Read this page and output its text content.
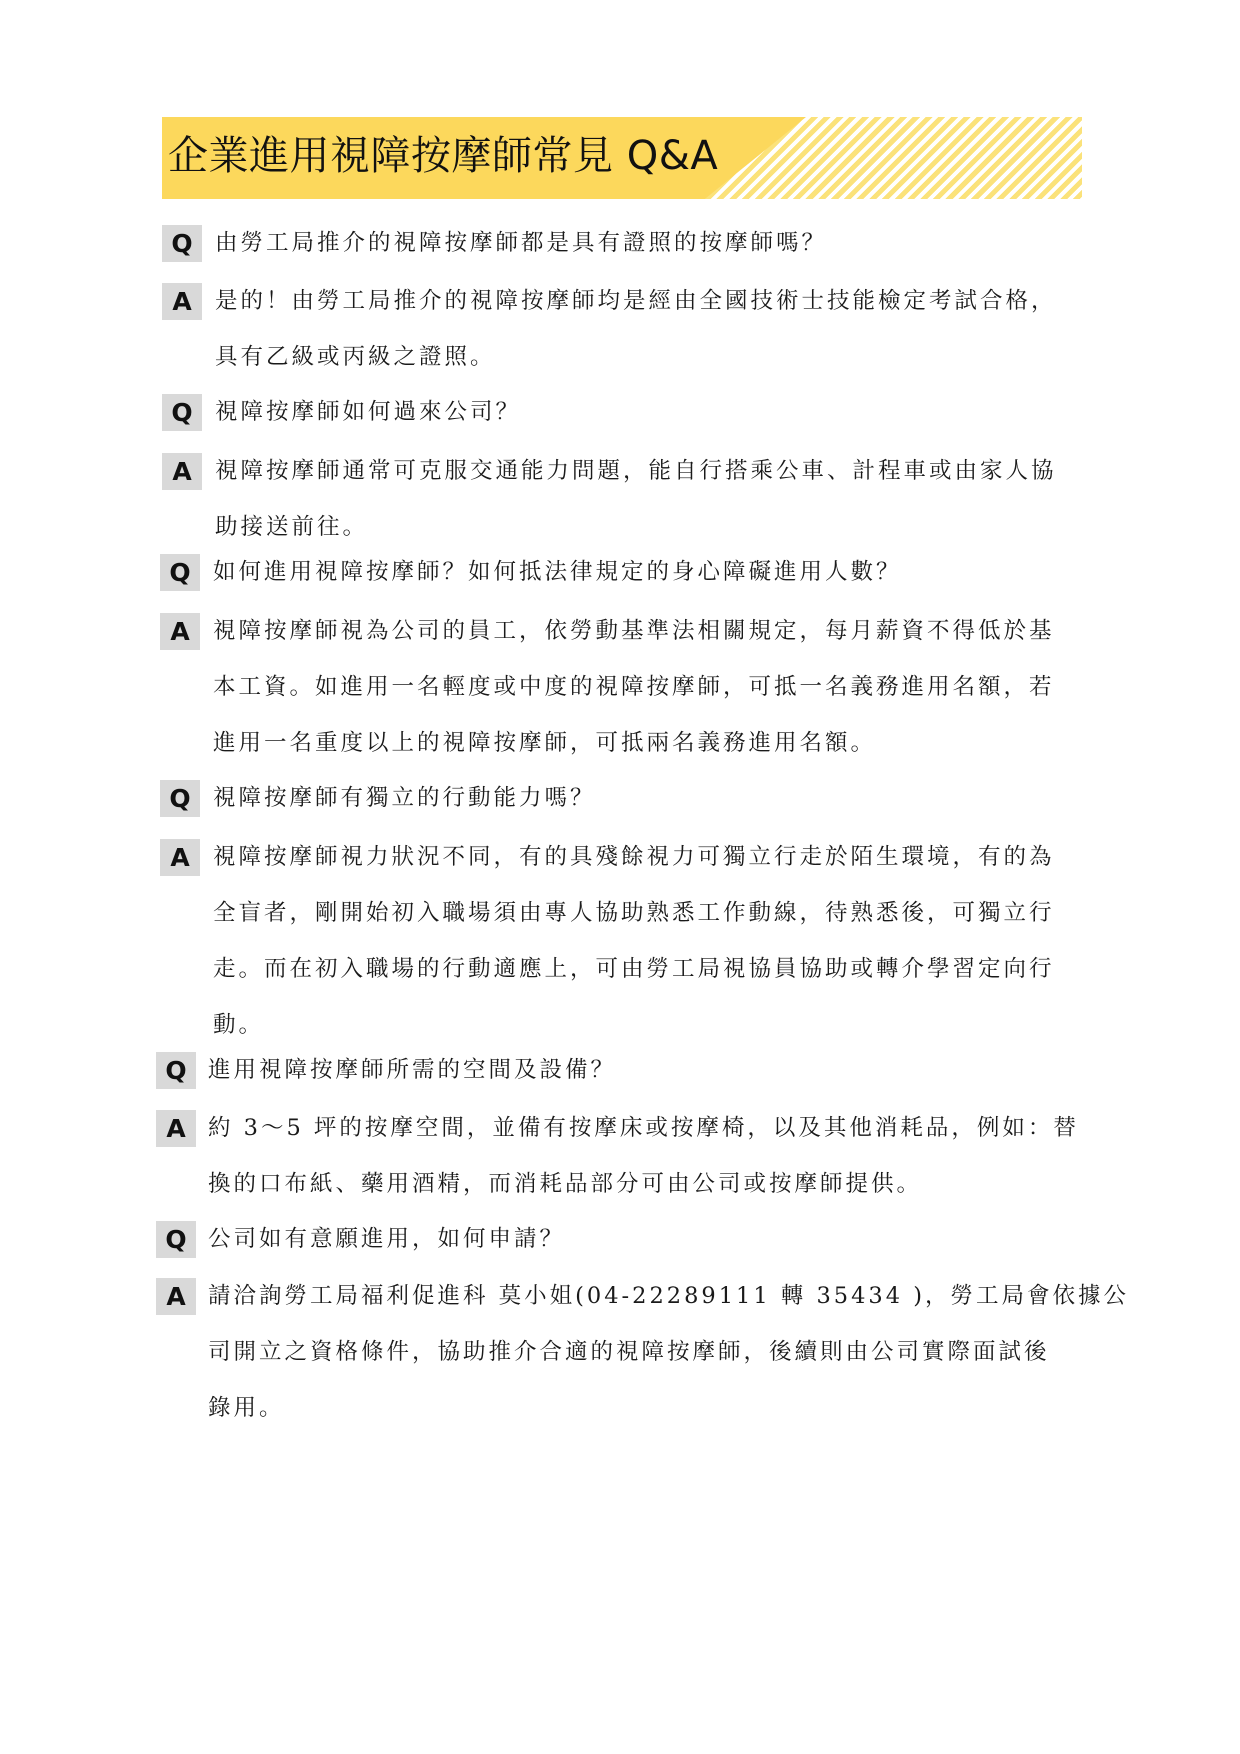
企業進用視障按摩師常見 Q&A
Q 由勞工局推介的視障按摩師都是具有證照的按摩師嗎？
A	是的！由勞工局推介的視障按摩師均是經由全國技術士技能檢定考試合格，
具有乙級或丙級之證照。
Q 視障按摩師如何過來公司？
A	視障按摩師通常可克服交通能力問題，能自行搭乘公車、計程車或由家人協
助接送前往。
Q 如何進用視障按摩師？如何抵法律規定的身心障礙進用人數？
A	視障按摩師視為公司的員工，依勞動基準法相關規定，每月薪資不得低於基
本工資。如進用一名輕度或中度的視障按摩師，可抵一名義務進用名額，若
進用一名重度以上的視障按摩師，可抵兩名義務進用名額。
Q 視障按摩師有獨立的行動能力嗎？
A	視障按摩師視力狀況不同，有的具殘餘視力可獨立行走於陌生環境，有的為
全盲者，剛開始初入職場須由專人協助熟悉工作動線，待熟悉後，可獨立行
走。而在初入職場的行動適應上，可由勞工局視協員協助或轉介學習定向行
動。
Q 進用視障按摩師所需的空間及設備？
A 約 3～5 坪的按摩空間，並備有按摩床或按摩椅，以及其他消耗品，例如：替
換的口布紙、藥用酒精，而消耗品部分可由公司或按摩師提供。
Q 公司如有意願進用，如何申請？
A 請洽詢勞工局福利促進科 莫小姐(04-22289111 轉 35434 )，勞工局會依據公
司開立之資格條件，協助推介合適的視障按摩師，後續則由公司實際面試後
錄用。
